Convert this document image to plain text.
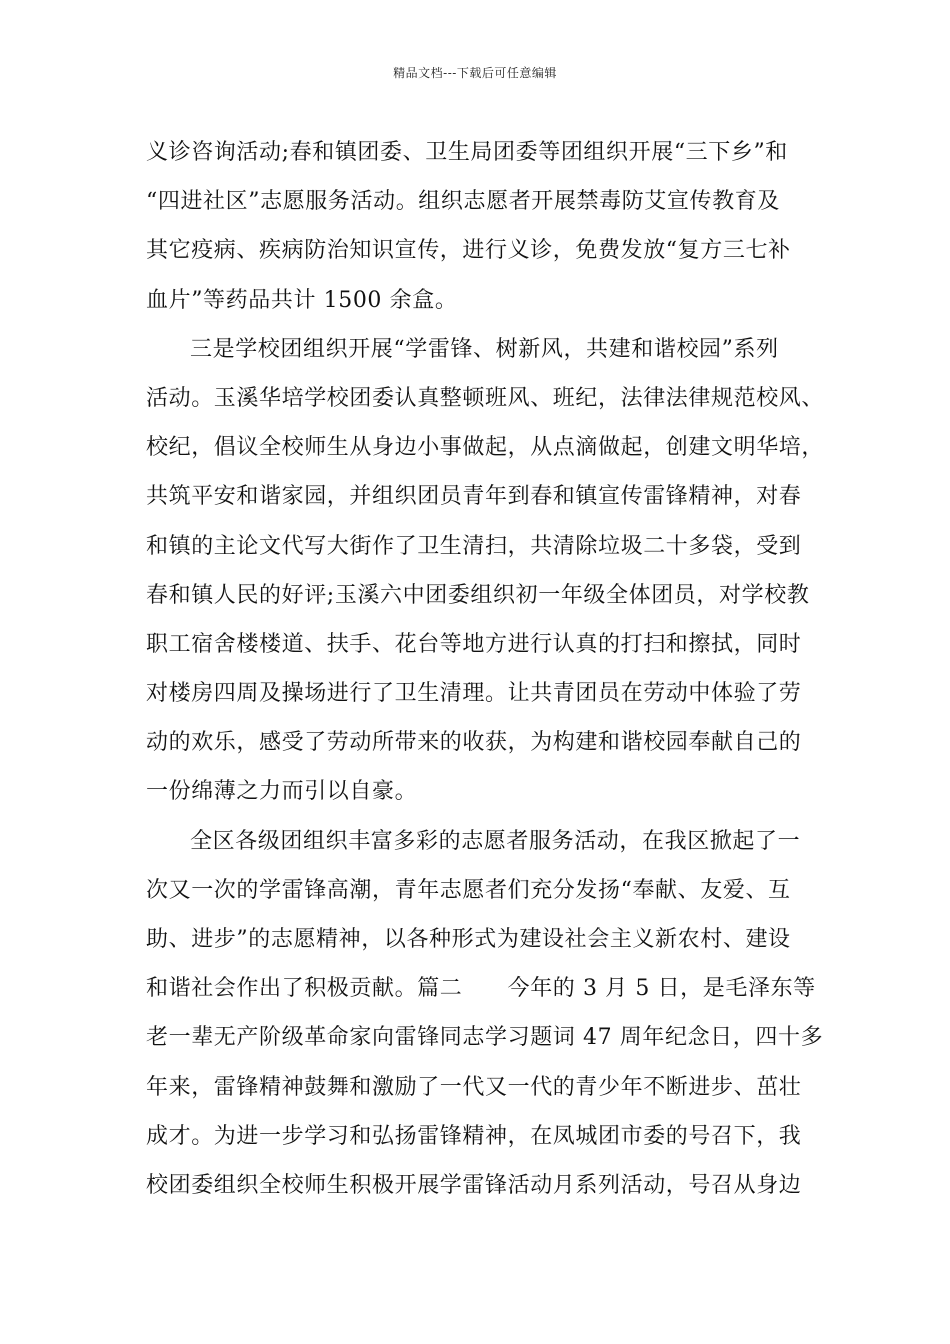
精品文档---下载后可任意编辑
义诊咨询活动;春和镇团委、卫生局团委等团组织开展“三下乡”和
“四进社区”志愿服务活动。组织志愿者开展禁毒防艾宣传教育及
其它疫病、疾病防治知识宣传，进行义诊，免费发放“复方三七补
血片”等药品共计 1500 余盒。
三是学校团组织开展“学雷锋、树新风，共建和谐校园”系列
活动。玉溪华培学校团委认真整顿班风、班纪，法律法律规范校风、
校纪，倡议全校师生从身边小事做起，从点滴做起，创建文明华培，
共筑平安和谐家园，并组织团员青年到春和镇宣传雷锋精神，对春
和镇的主论文代写大街作了卫生清扫，共清除垃圾二十多袋，受到
春和镇人民的好评;玉溪六中团委组织初一年级全体团员，对学校教
职工宿舍楼楼道、扶手、花台等地方进行认真的打扫和擦拭，同时
对楼房四周及操场进行了卫生清理。让共青团员在劳动中体验了劳
动的欢乐，感受了劳动所带来的收获，为构建和谐校园奉献自己的
一份绵薄之力而引以自豪。
全区各级团组织丰富多彩的志愿者服务活动，在我区掀起了一
次又一次的学雷锋高潮，青年志愿者们充分发扬“奉献、友爱、互
助、进步”的志愿精神，以各种形式为建设社会主义新农村、建设
和谐社会作出了积极贡献。篇二　　今年的 3 月 5 日，是毛泽东等
老一辈无产阶级革命家向雷锋同志学习题词 47 周年纪念日，四十多
年来，雷锋精神鼓舞和激励了一代又一代的青少年不断进步、茁壮
成才。为进一步学习和弘扬雷锋精神，在凤城团市委的号召下，我
校团委组织全校师生积极开展学雷锋活动月系列活动，号召从身边
